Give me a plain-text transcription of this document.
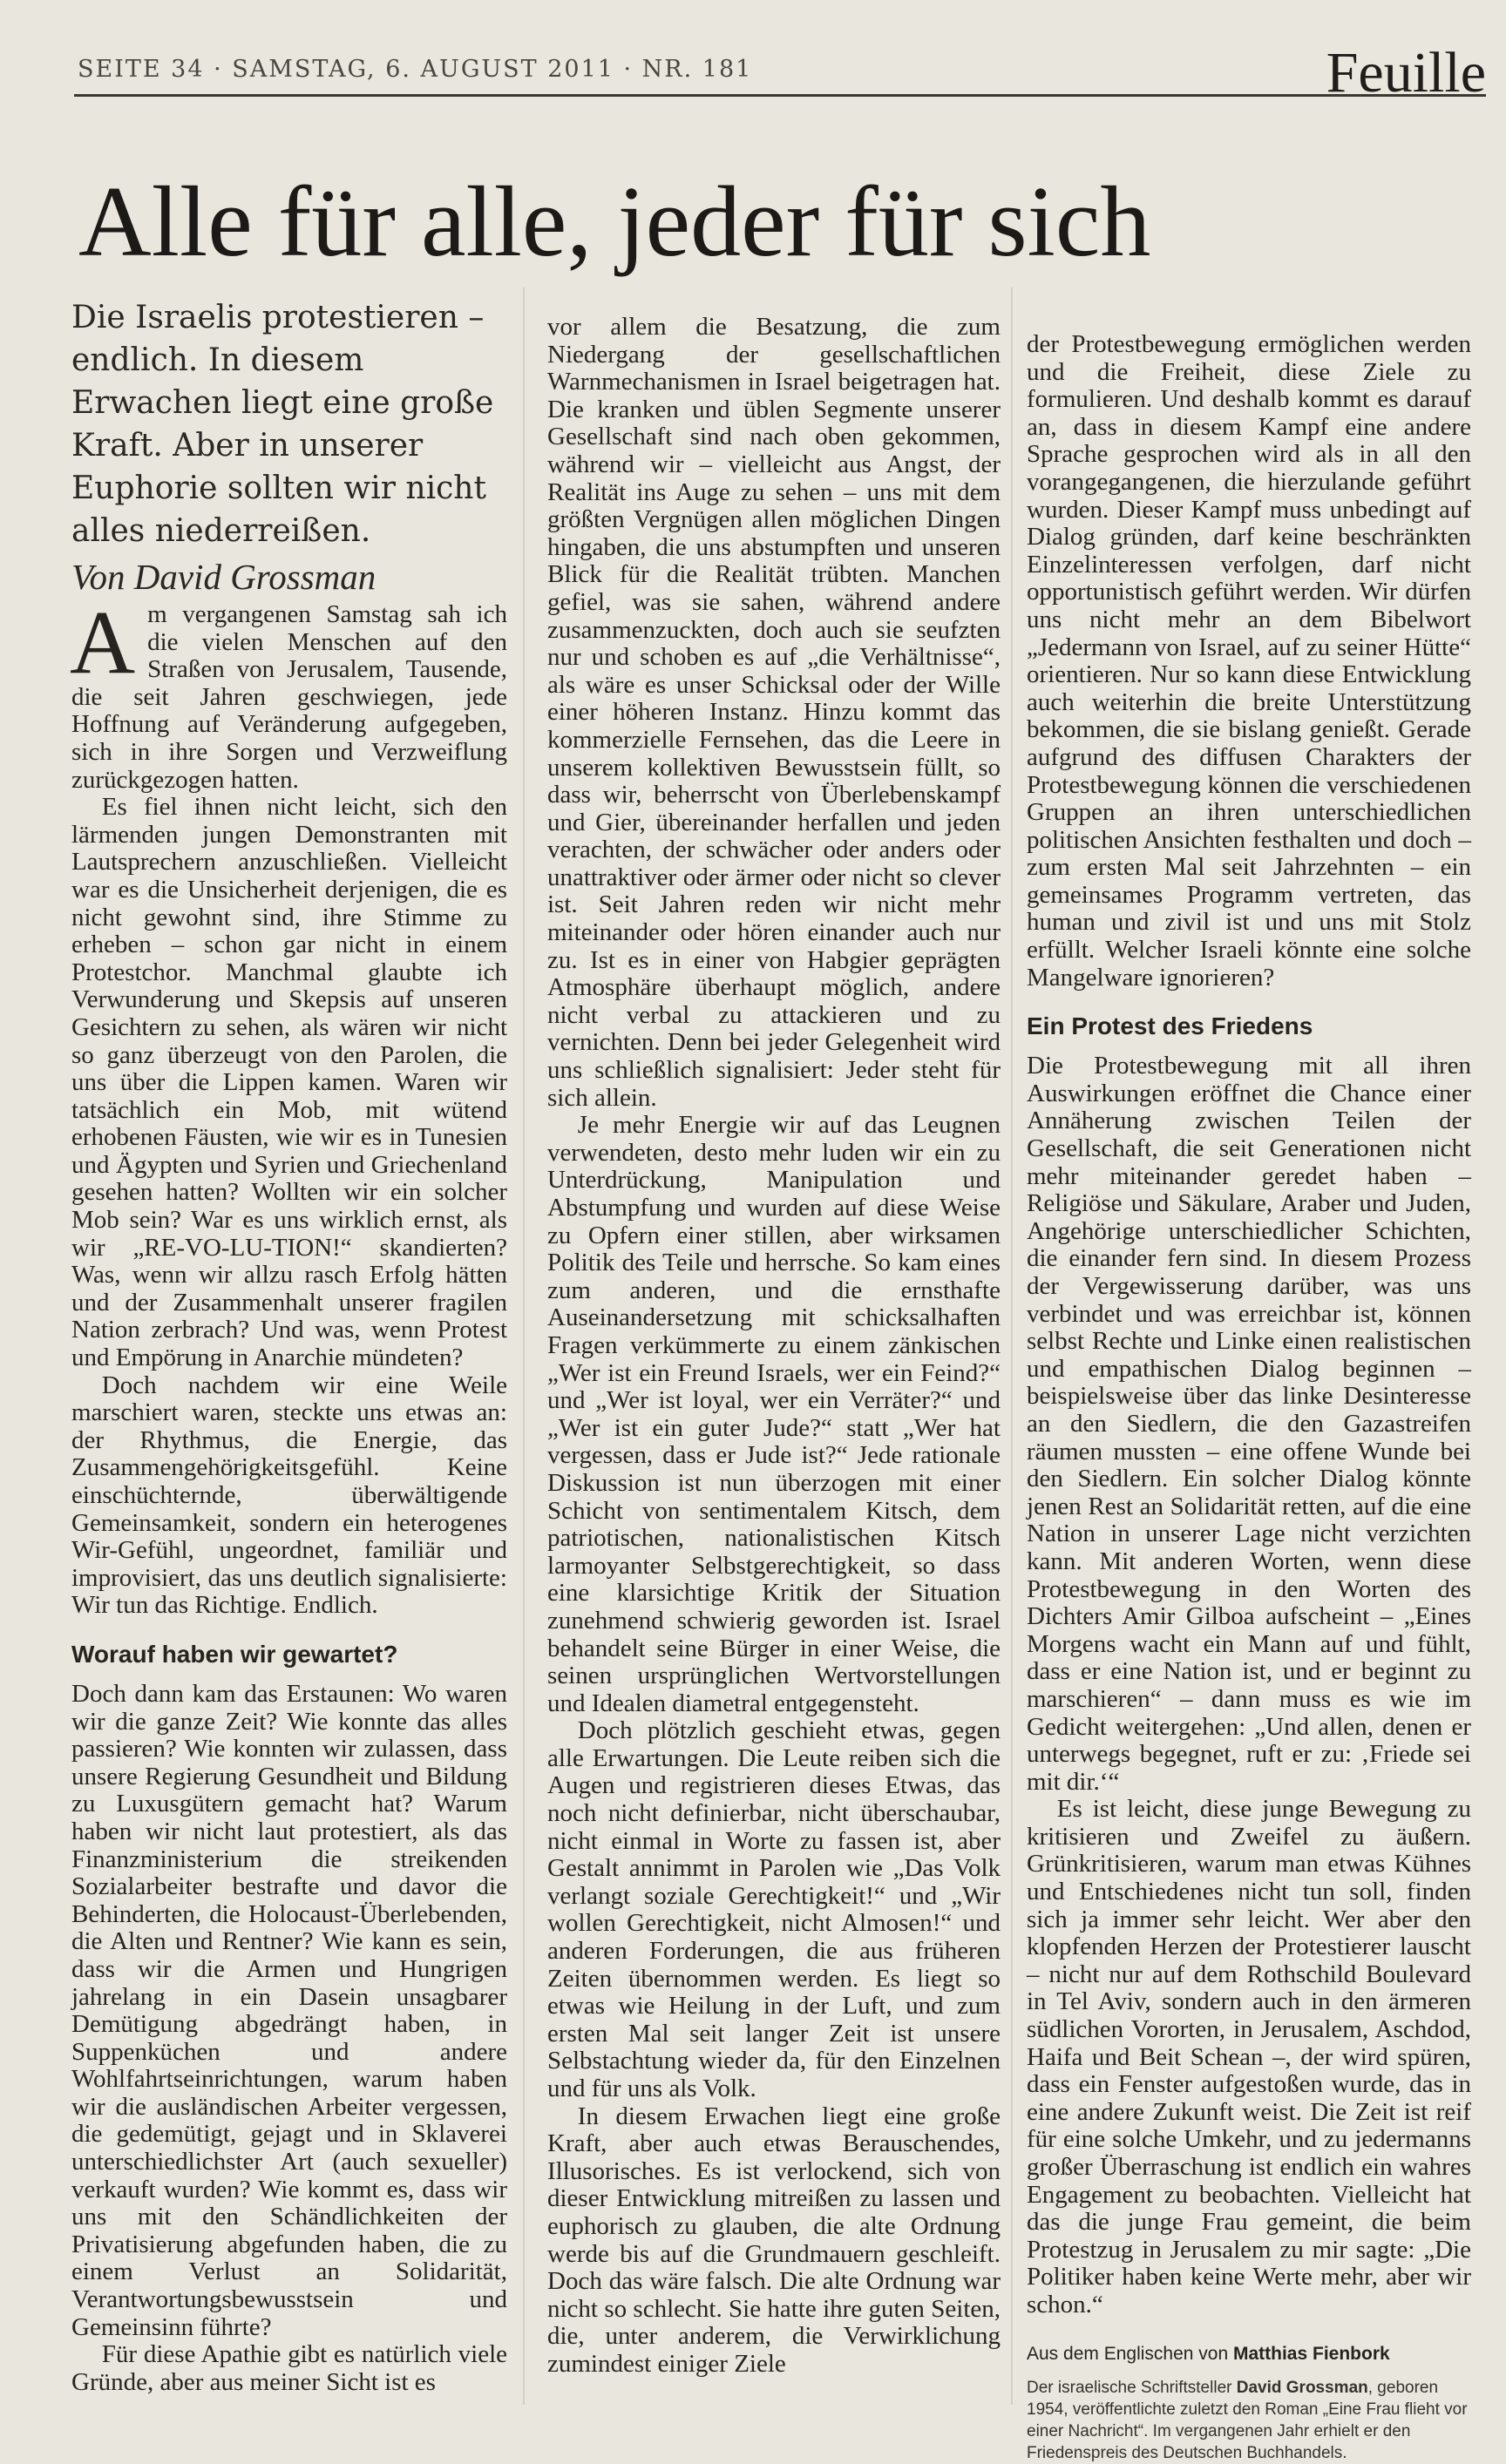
SEITE 34 · SAMSTAG, 6. AUGUST 2011 · NR. 181	Feuille
Alle für alle, jeder für sich

Die Israelis protestieren – endlich. In diesem Erwachen liegt eine große Kraft. Aber in unserer Euphorie sollten wir nicht alles niederreißen.

Von David Grossman

Am vergangenen Samstag sah ich die vielen Menschen auf den Straßen von Jerusalem, Tausende, die seit Jahren geschwiegen, jede Hoffnung auf Veränderung aufgegeben, sich in ihre Sorgen und Verzweiflung zurückgezogen hatten.

Es fiel ihnen nicht leicht, sich den lärmenden jungen Demonstranten mit Lautsprechern anzuschließen. Vielleicht war es die Unsicherheit derjenigen, die es nicht gewohnt sind, ihre Stimme zu erheben – schon gar nicht in einem Protestchor. Manchmal glaubte ich Verwunderung und Skepsis auf unseren Gesichtern zu sehen, als wären wir nicht so ganz überzeugt von den Parolen, die uns über die Lippen kamen. Waren wir tatsächlich ein Mob, mit wütend erhobenen Fäusten, wie wir es in Tunesien und Ägypten und Syrien und Griechenland gesehen hatten? Wollten wir ein solcher Mob sein? War es uns wirklich ernst, als wir „RE-VO-LU-TION!“ skandierten? Was, wenn wir allzu rasch Erfolg hätten und der Zusammenhalt unserer fragilen Nation zerbrach? Und was, wenn Protest und Empörung in Anarchie mündeten?

Doch nachdem wir eine Weile marschiert waren, steckte uns etwas an: der Rhythmus, die Energie, das Zusammengehörigkeitsgefühl. Keine einschüchternde, überwältigende Gemeinsamkeit, sondern ein heterogenes Wir-Gefühl, ungeordnet, familiär und improvisiert, das uns deutlich signalisierte: Wir tun das Richtige. Endlich.

Worauf haben wir gewartet?

Doch dann kam das Erstaunen: Wo waren wir die ganze Zeit? Wie konnte das alles passieren? Wie konnten wir zulassen, dass unsere Regierung Gesundheit und Bildung zu Luxusgütern gemacht hat? Warum haben wir nicht laut protestiert, als das Finanzministerium die streikenden Sozialarbeiter bestrafte und davor die Behinderten, die Holocaust-Überlebenden, die Alten und Rentner? Wie kann es sein, dass wir die Armen und Hungrigen jahrelang in ein Dasein unsagbarer Demütigung abgedrängt haben, in Suppenküchen und andere Wohlfahrtseinrichtungen, warum haben wir die ausländischen Arbeiter vergessen, die gedemütigt, gejagt und in Sklaverei unterschiedlichster Art (auch sexueller) verkauft wurden? Wie kommt es, dass wir uns mit den Schändlichkeiten der Privatisierung abgefunden haben, die zu einem Verlust an Solidarität, Verantwortungsbewusstsein und Gemeinsinn führte?

Für diese Apathie gibt es natürlich viele Gründe, aber aus meiner Sicht ist es

vor allem die Besatzung, die zum Niedergang der gesellschaftlichen Warnmechanismen in Israel beigetragen hat. Die kranken und üblen Segmente unserer Gesellschaft sind nach oben gekommen, während wir – vielleicht aus Angst, der Realität ins Auge zu sehen – uns mit dem größten Vergnügen allen möglichen Dingen hingaben, die uns abstumpften und unseren Blick für die Realität trübten. Manchen gefiel, was sie sahen, während andere zusammenzuckten, doch auch sie seufzten nur und schoben es auf „die Verhältnisse“, als wäre es unser Schicksal oder der Wille einer höheren Instanz. Hinzu kommt das kommerzielle Fernsehen, das die Leere in unserem kollektiven Bewusstsein füllt, so dass wir, beherrscht von Überlebenskampf und Gier, übereinander herfallen und jeden verachten, der schwächer oder anders oder unattraktiver oder ärmer oder nicht so clever ist. Seit Jahren reden wir nicht mehr miteinander oder hören einander auch nur zu. Ist es in einer von Habgier geprägten Atmosphäre überhaupt möglich, andere nicht verbal zu attackieren und zu vernichten. Denn bei jeder Gelegenheit wird uns schließlich signalisiert: Jeder steht für sich allein.

Je mehr Energie wir auf das Leugnen verwendeten, desto mehr luden wir ein zu Unterdrückung, Manipulation und Abstumpfung und wurden auf diese Weise zu Opfern einer stillen, aber wirksamen Politik des Teile und herrsche. So kam eines zum anderen, und die ernsthafte Auseinandersetzung mit schicksalhaften Fragen verkümmerte zu einem zänkischen „Wer ist ein Freund Israels, wer ein Feind?“ und „Wer ist loyal, wer ein Verräter?“ und „Wer ist ein guter Jude?“ statt „Wer hat vergessen, dass er Jude ist?“ Jede rationale Diskussion ist nun überzogen mit einer Schicht von sentimentalem Kitsch, dem patriotischen, nationalistischen Kitsch larmoyanter Selbstgerechtigkeit, so dass eine klarsichtige Kritik der Situation zunehmend schwierig geworden ist. Israel behandelt seine Bürger in einer Weise, die seinen ursprünglichen Wertvorstellungen und Idealen diametral entgegensteht.

Doch plötzlich geschieht etwas, gegen alle Erwartungen. Die Leute reiben sich die Augen und registrieren dieses Etwas, das noch nicht definierbar, nicht überschaubar, nicht einmal in Worte zu fassen ist, aber Gestalt annimmt in Parolen wie „Das Volk verlangt soziale Gerechtigkeit!“ und „Wir wollen Gerechtigkeit, nicht Almosen!“ und anderen Forderungen, die aus früheren Zeiten übernommen werden. Es liegt so etwas wie Heilung in der Luft, und zum ersten Mal seit langer Zeit ist unsere Selbstachtung wieder da, für den Einzelnen und für uns als Volk.

In diesem Erwachen liegt eine große Kraft, aber auch etwas Berauschendes, Illusorisches. Es ist verlockend, sich von dieser Entwicklung mitreißen zu lassen und euphorisch zu glauben, die alte Ordnung werde bis auf die Grundmauern geschleift. Doch das wäre falsch. Die alte Ordnung war nicht so schlecht. Sie hatte ihre guten Seiten, die, unter anderem, die Verwirklichung zumindest einiger Ziele

der Protestbewegung ermöglichen werden und die Freiheit, diese Ziele zu formulieren. Und deshalb kommt es darauf an, dass in diesem Kampf eine andere Sprache gesprochen wird als in all den vorangegangenen, die hierzulande geführt wurden. Dieser Kampf muss unbedingt auf Dialog gründen, darf keine beschränkten Einzelinteressen verfolgen, darf nicht opportunistisch geführt werden. Wir dürfen uns nicht mehr an dem Bibelwort „Jedermann von Israel, auf zu seiner Hütte“ orientieren. Nur so kann diese Entwicklung auch weiterhin die breite Unterstützung bekommen, die sie bislang genießt. Gerade aufgrund des diffusen Charakters der Protestbewegung können die verschiedenen Gruppen an ihren unterschiedlichen politischen Ansichten festhalten und doch – zum ersten Mal seit Jahrzehnten – ein gemeinsames Programm vertreten, das human und zivil ist und uns mit Stolz erfüllt. Welcher Israeli könnte eine solche Mangelware ignorieren?

Ein Protest des Friedens

Die Protestbewegung mit all ihren Auswirkungen eröffnet die Chance einer Annäherung zwischen Teilen der Gesellschaft, die seit Generationen nicht mehr miteinander geredet haben – Religiöse und Säkulare, Araber und Juden, Angehörige unterschiedlicher Schichten, die einander fern sind. In diesem Prozess der Vergewisserung darüber, was uns verbindet und was erreichbar ist, können selbst Rechte und Linke einen realistischen und empathischen Dialog beginnen – beispielsweise über das linke Desinteresse an den Siedlern, die den Gazastreifen räumen mussten – eine offene Wunde bei den Siedlern. Ein solcher Dialog könnte jenen Rest an Solidarität retten, auf die eine Nation in unserer Lage nicht verzichten kann. Mit anderen Worten, wenn diese Protestbewegung in den Worten des Dichters Amir Gilboa aufscheint – „Eines Morgens wacht ein Mann auf und fühlt, dass er eine Nation ist, und er beginnt zu marschieren“ – dann muss es wie im Gedicht weitergehen: „Und allen, denen er unterwegs begegnet, ruft er zu: ‚Friede sei mit dir.‘“

Es ist leicht, diese junge Bewegung zu kritisieren und Zweifel zu äußern. Grünkritisieren, warum man etwas Kühnes und Entschiedenes nicht tun soll, finden sich ja immer sehr leicht. Wer aber den klopfenden Herzen der Protestierer lauscht – nicht nur auf dem Rothschild Boulevard in Tel Aviv, sondern auch in den ärmeren südlichen Vororten, in Jerusalem, Aschdod, Haifa und Beit Schean –, der wird spüren, dass ein Fenster aufgestoßen wurde, das in eine andere Zukunft weist. Die Zeit ist reif für eine solche Umkehr, und zu jedermanns großer Überraschung ist endlich ein wahres Engagement zu beobachten. Vielleicht hat das die junge Frau gemeint, die beim Protestzug in Jerusalem zu mir sagte: „Die Politiker haben keine Werte mehr, aber wir schon.“

Aus dem Englischen von Matthias Fienbork
Der israelische Schriftsteller David Grossman, geboren 1954, veröffentlichte zuletzt den Roman „Eine Frau flieht vor einer Nachricht“. Im vergangenen Jahr erhielt er den Friedenspreis des Deutschen Buchhandels.
